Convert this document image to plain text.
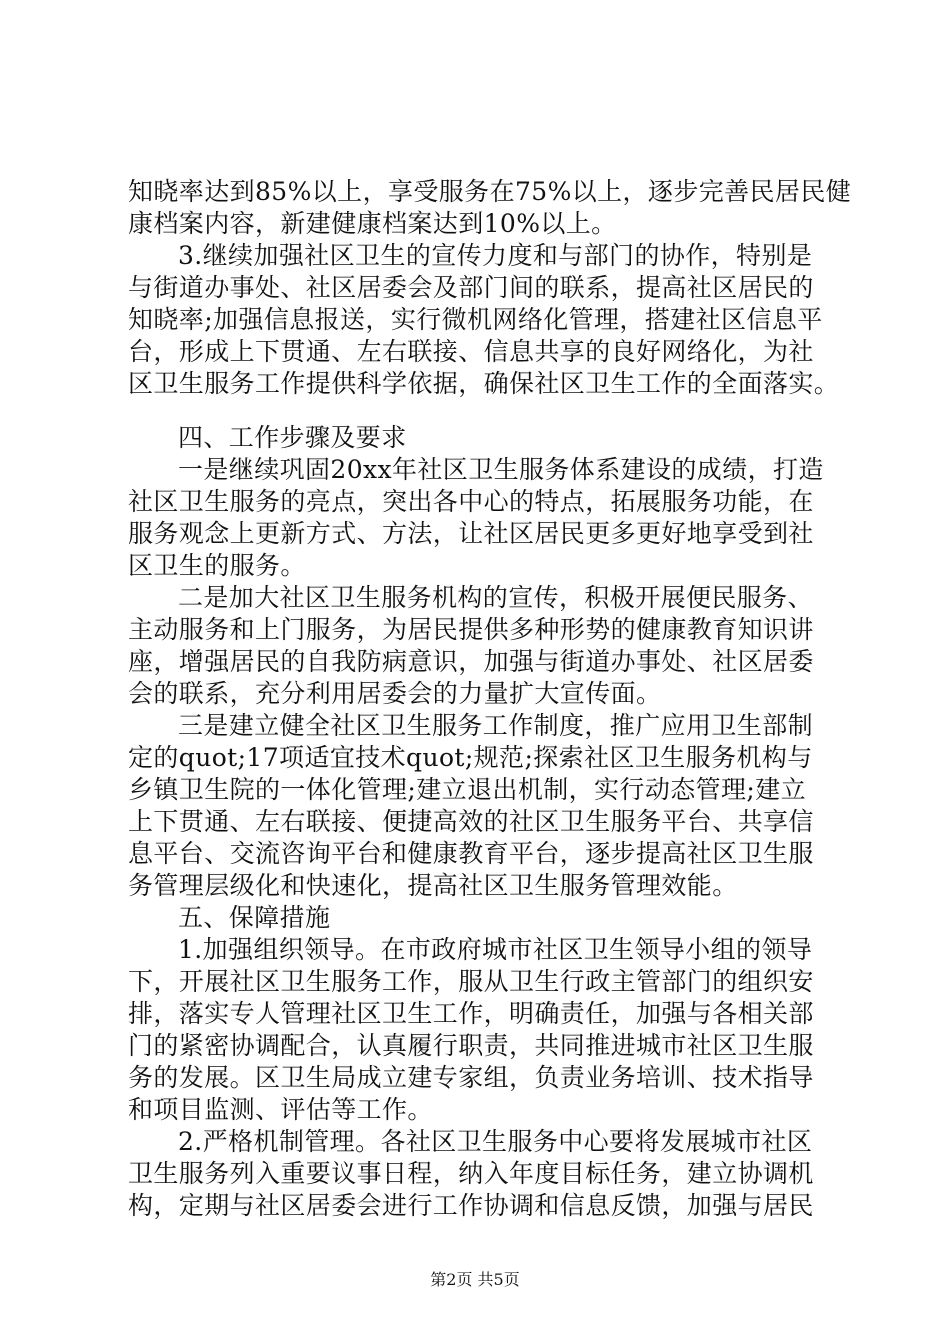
知晓率达到85%以上，享受服务在75%以上，逐步完善民居民健
康档案内容，新建健康档案达到10%以上。
3.继续加强社区卫生的宣传力度和与部门的协作，特别是
与街道办事处、社区居委会及部门间的联系，提高社区居民的
知晓率;加强信息报送，实行微机网络化管理，搭建社区信息平
台，形成上下贯通、左右联接、信息共享的良好网络化，为社
区卫生服务工作提供科学依据，确保社区卫生工作的全面落实。
四、工作步骤及要求
一是继续巩固20xx年社区卫生服务体系建设的成绩，打造
社区卫生服务的亮点，突出各中心的特点，拓展服务功能，在
服务观念上更新方式、方法，让社区居民更多更好地享受到社
区卫生的服务。
二是加大社区卫生服务机构的宣传，积极开展便民服务、
主动服务和上门服务，为居民提供多种形势的健康教育知识讲
座，增强居民的自我防病意识，加强与街道办事处、社区居委
会的联系，充分利用居委会的力量扩大宣传面。
三是建立健全社区卫生服务工作制度，推广应用卫生部制
定的quot;17项适宜技术quot;规范;探索社区卫生服务机构与
乡镇卫生院的一体化管理;建立退出机制，实行动态管理;建立
上下贯通、左右联接、便捷高效的社区卫生服务平台、共享信
息平台、交流咨询平台和健康教育平台，逐步提高社区卫生服
务管理层级化和快速化，提高社区卫生服务管理效能。
五、保障措施
1.加强组织领导。在市政府城市社区卫生领导小组的领导
下，开展社区卫生服务工作，服从卫生行政主管部门的组织安
排，落实专人管理社区卫生工作，明确责任，加强与各相关部
门的紧密协调配合，认真履行职责，共同推进城市社区卫生服
务的发展。区卫生局成立建专家组，负责业务培训、技术指导
和项目监测、评估等工作。
2.严格机制管理。各社区卫生服务中心要将发展城市社区
卫生服务列入重要议事日程，纳入年度目标任务，建立协调机
构，定期与社区居委会进行工作协调和信息反馈，加强与居民
第2页 共5页
